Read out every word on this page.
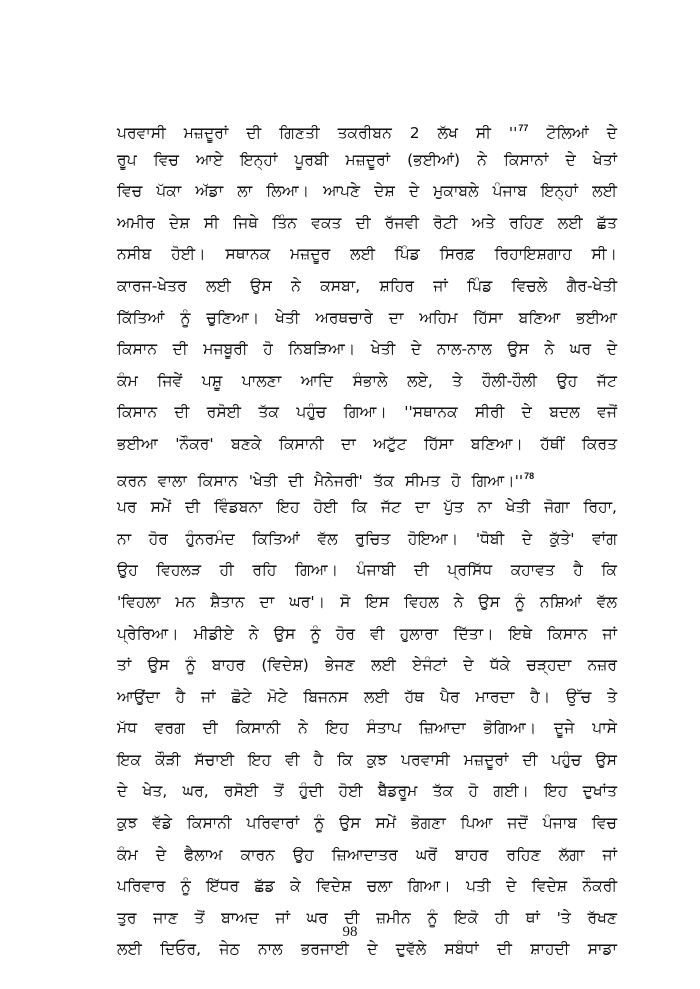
ਪਰਵਾਸੀ ਮਜ਼ਦੂਰਾਂ ਦੀ ਗਿਣਤੀ ਤਕਰੀਬਨ 2 ਲੱਖ ਸੀ ''$^{77}$ ਟੋਲਿਆਂ ਦੇ
ਰੂਪ ਵਿਚ ਆਏ ਇਨ੍ਹਾਂ ਪੂਰਬੀ ਮਜ਼ਦੂਰਾਂ (ਭਈਆਂ) ਨੇ ਕਿਸਾਨਾਂ ਦੇ ਖੇਤਾਂ
ਵਿਚ ਪੱਕਾ ਅੱਡਾ ਲਾ ਲਿਆ। ਆਪਣੇ ਦੇਸ਼ ਦੇ ਮੁਕਾਬਲੇ ਪੰਜਾਬ ਇਨ੍ਹਾਂ ਲਈ
ਅਮੀਰ ਦੇਸ਼ ਸੀ ਜਿਥੇ ਤਿੰਨ ਵਕਤ ਦੀ ਰੱਜਵੀ ਰੋਟੀ ਅਤੇ ਰਹਿਣ ਲਈ ਛੱਤ
ਨਸੀਬ ਹੋਈ। ਸਥਾਨਕ ਮਜ਼ਦੂਰ ਲਈ ਪਿੰਡ ਸਿਰਫ਼ ਰਿਹਾਇਸ਼ਗਾਹ ਸੀ।
ਕਾਰਜ-ਖੇਤਰ ਲਈ ਉਸ ਨੇ ਕਸਬਾ, ਸ਼ਹਿਰ ਜਾਂ ਪਿੰਡ ਵਿਚਲੇ ਗੈਰ-ਖੇਤੀ
ਕਿੱਤਿਆਂ ਨੂੰ ਚੁਣਿਆ। ਖੇਤੀ ਅਰਥਚਾਰੇ ਦਾ ਅਹਿਮ ਹਿੱਸਾ ਬਣਿਆ ਭਈਆ
ਕਿਸਾਨ ਦੀ ਮਜਬੂਰੀ ਹੋ ਨਿਬੜਿਆ। ਖੇਤੀ ਦੇ ਨਾਲ-ਨਾਲ ਉਸ ਨੇ ਘਰ ਦੇ
ਕੰਮ ਜਿਵੇਂ ਪਸ਼ੂ ਪਾਲਣਾ ਆਦਿ ਸੰਭਾਲੇ ਲਏ, ਤੇ ਹੌਲੀ-ਹੌਲੀ ਉਹ ਜੱਟ
ਕਿਸਾਨ ਦੀ ਰਸੋਈ ਤੱਕ ਪਹੁੰਚ ਗਿਆ। ''ਸਥਾਨਕ ਸੀਰੀ ਦੇ ਬਦਲ ਵਜੋਂ
ਭਈਆ 'ਨੌਕਰ' ਬਣਕੇ ਕਿਸਾਨੀ ਦਾ ਅਟੁੱਟ ਹਿੱਸਾ ਬਣਿਆ। ਹੱਥੀਂ ਕਿਰਤ
ਕਰਨ ਵਾਲਾ ਕਿਸਾਨ 'ਖੇਤੀ ਦੀ ਮੈਨੇਜਰੀ' ਤੱਕ ਸੀਮਤ ਹੋ ਗਿਆ।''$^{78}$
ਪਰ ਸਮੇਂ ਦੀ ਵਿੰਡਬਨਾ ਇਹ ਹੋਈ ਕਿ ਜੱਟ ਦਾ ਪੁੱਤ ਨਾ ਖੇਤੀ ਜੋਗਾ ਰਿਹਾ,
ਨਾ ਹੋਰ ਹੁੰਨਰਮੰਦ ਕਿਤਿਆਂ ਵੱਲ ਰੁਚਿਤ ਹੋਇਆ। 'ਧੋਬੀ ਦੇ ਕੁੱਤੇ' ਵਾਂਗ
ਉਹ ਵਿਹਲੜ ਹੀ ਰਹਿ ਗਿਆ। ਪੰਜਾਬੀ ਦੀ ਪ੍ਰਸਿੱਧ ਕਹਾਵਤ ਹੈ ਕਿ
'ਵਿਹਲਾ ਮਨ ਸ਼ੈਤਾਨ ਦਾ ਘਰ'। ਸੋ ਇਸ ਵਿਹਲ ਨੇ ਉਸ ਨੂੰ ਨਸ਼ਿਆਂ ਵੱਲ
ਪ੍ਰੇਰਿਆ। ਮੀਡੀਏ ਨੇ ਉਸ ਨੂੰ ਹੋਰ ਵੀ ਹੁਲਾਰਾ ਦਿੱਤਾ। ਇਥੇ ਕਿਸਾਨ ਜਾਂ
ਤਾਂ ਉਸ ਨੂੰ ਬਾਹਰ (ਵਿਦੇਸ਼) ਭੇਜਣ ਲਈ ਏਜੰਟਾਂ ਦੇ ਧੱਕੇ ਚੜ੍ਹਦਾ ਨਜ਼ਰ
ਆਉਂਦਾ ਹੈ ਜਾਂ ਛੋਟੇ ਮੋਟੇ ਬਿਜਨਸ ਲਈ ਹੱਥ ਪੈਰ ਮਾਰਦਾ ਹੈ। ਉੱਚ ਤੇ
ਮੱਧ ਵਰਗ ਦੀ ਕਿਸਾਨੀ ਨੇ ਇਹ ਸੰਤਾਪ ਜ਼ਿਆਦਾ ਭੋਗਿਆ। ਦੂਜੇ ਪਾਸੇ
ਇਕ ਕੌੜੀ ਸੱਚਾਈ ਇਹ ਵੀ ਹੈ ਕਿ ਕੁਝ ਪਰਵਾਸੀ ਮਜ਼ਦੂਰਾਂ ਦੀ ਪਹੁੰਚ ਉਸ
ਦੇ ਖੇਤ, ਘਰ, ਰਸੋਈ ਤੋਂ ਹੁੰਦੀ ਹੋਈ ਬੈੱਡਰੂਮ ਤੱਕ ਹੋ ਗਈ। ਇਹ ਦੁਖਾਂਤ
ਕੁਝ ਵੱਡੇ ਕਿਸਾਨੀ ਪਰਿਵਾਰਾਂ ਨੂੰ ਉਸ ਸਮੇਂ ਭੋਗਣਾ ਪਿਆ ਜਦੋਂ ਪੰਜਾਬ ਵਿਚ
ਕੰਮ ਦੇ ਫੈਲਾਅ ਕਾਰਨ ਉਹ ਜ਼ਿਆਦਾਤਰ ਘਰੋਂ ਬਾਹਰ ਰਹਿਣ ਲੱਗਾ ਜਾਂ
ਪਰਿਵਾਰ ਨੂੰ ਇੱਧਰ ਛੱਡ ਕੇ ਵਿਦੇਸ਼ ਚਲਾ ਗਿਆ। ਪਤੀ ਦੇ ਵਿਦੇਸ਼ ਨੌਕਰੀ
ਤੁਰ ਜਾਣ ਤੋਂ ਬਾਅਦ ਜਾਂ ਘਰ ਦੀ ਜ਼ਮੀਨ ਨੂੰ ਇਕੋ ਹੀ ਥਾਂ 'ਤੇ ਰੱਖਣ
ਲਈ ਦਿਓਰ, ਜੇਠ ਨਾਲ ਭਰਜਾਈ ਦੇ ਦੁਵੱਲੇ ਸਬੰਧਾਂ ਦੀ ਸ਼ਾਹਦੀ ਸਾਡਾ
98
